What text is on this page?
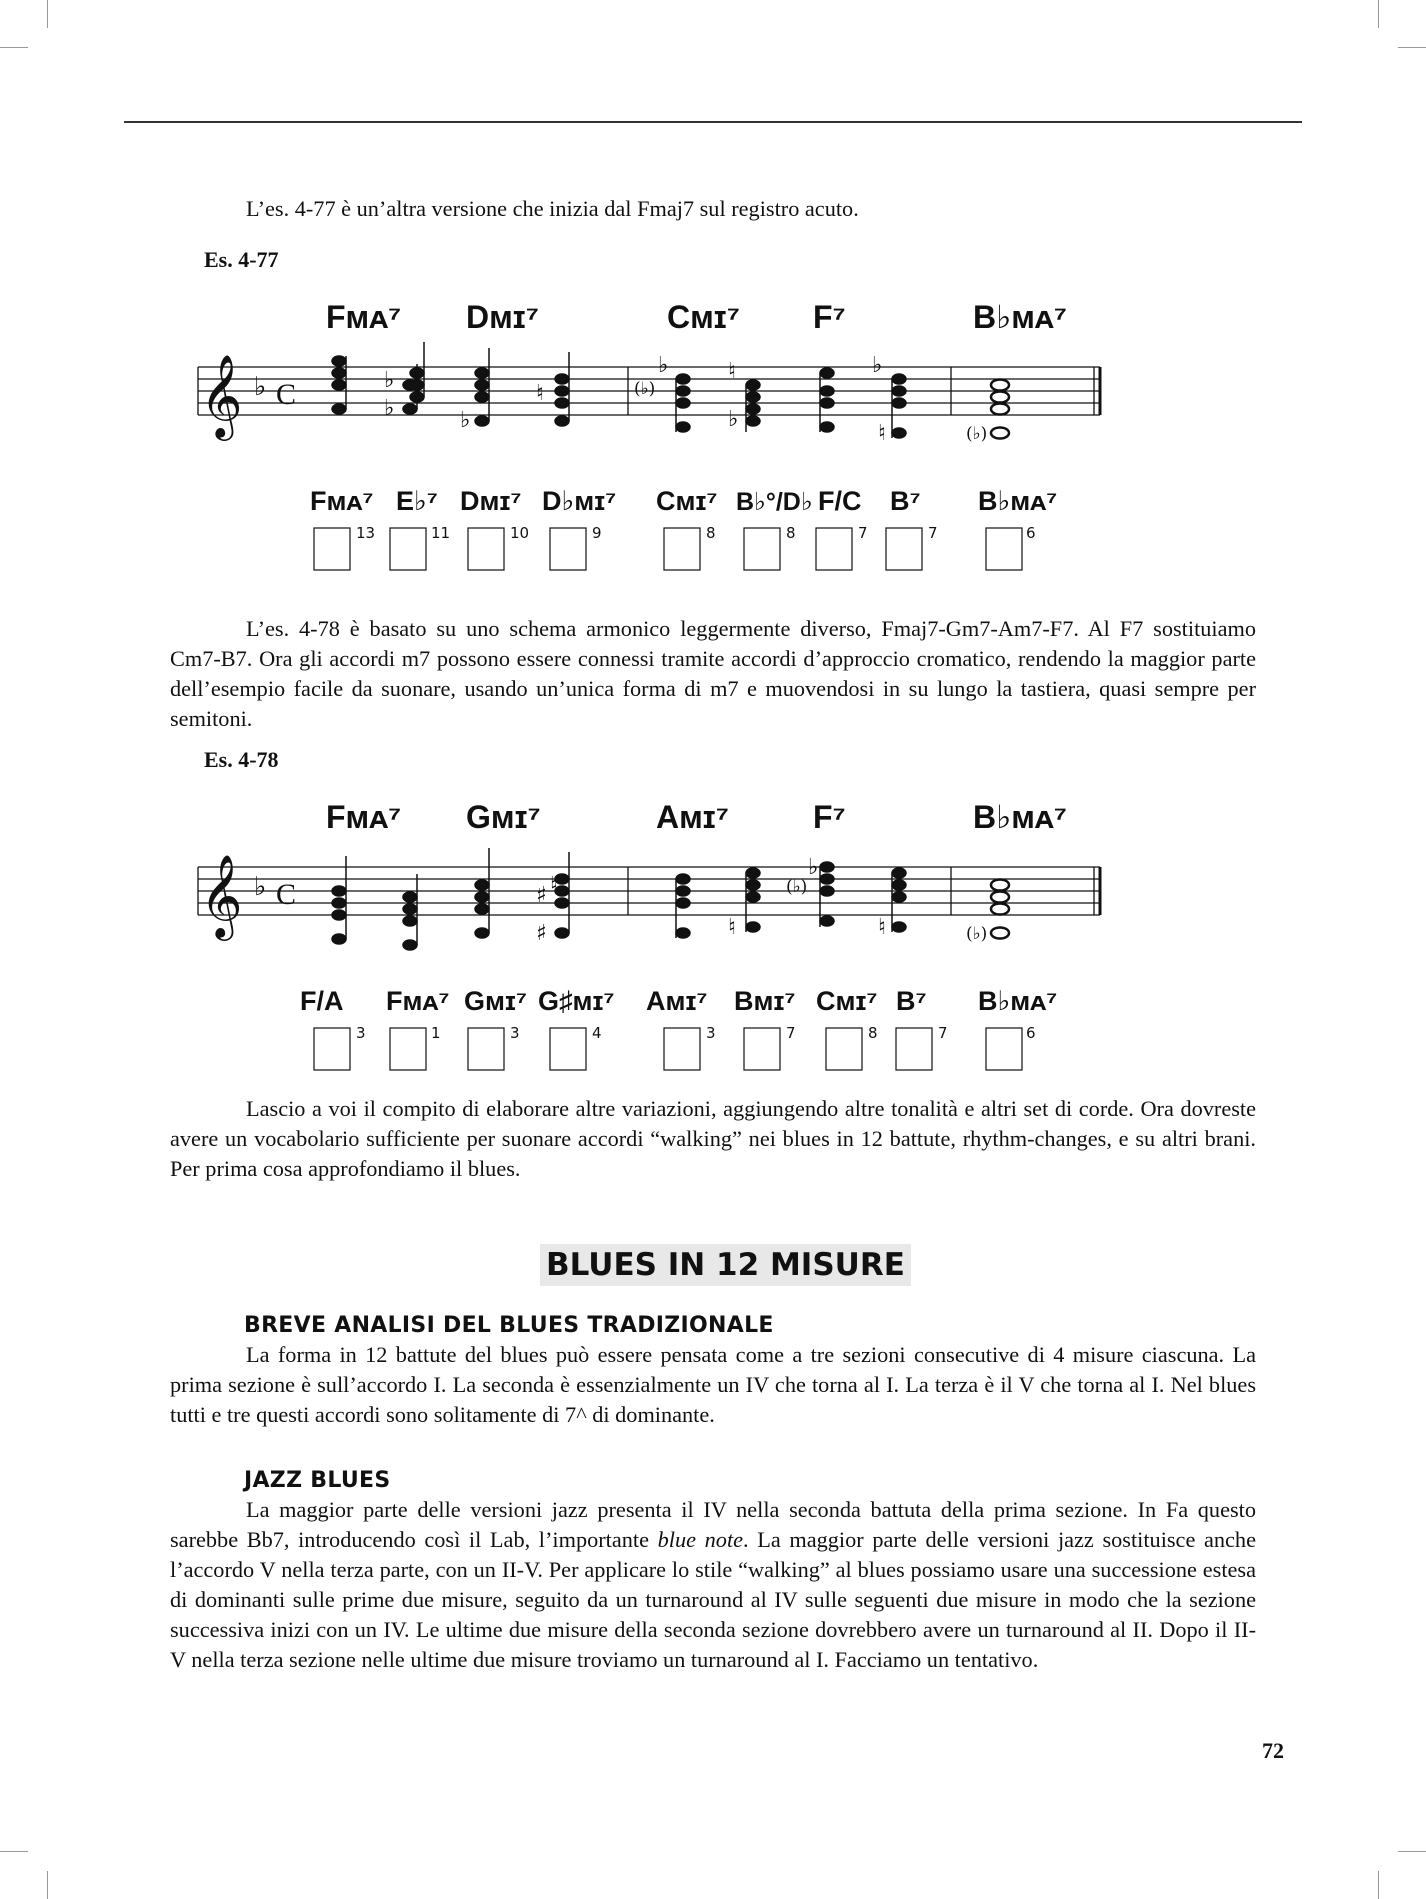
L’es. 4-77 è un’altra versione che inizia dal Fmaj7 sul registro acuto.

Es. 4-77
Fᴍᴀ⁷ Dᴍɪ⁷	Cᴍɪ⁷ F⁷	B♭ᴍᴀ⁷
𝄞 ♭ C	♭
♭	♭
♮
♭	♮
♭
♭
♮
(♭)
(♭)
Fᴍᴀ⁷ E♭⁷ Dᴍɪ⁷ D♭ᴍɪ⁷ Cᴍɪ⁷ B♭°/D♭ F/C B⁷ B♭ᴍᴀ⁷
13	11	10	9	8	8	7	7	6

L’es. 4-78 è basato su uno schema armonico leggermente diverso, Fmaj7-Gm7-Am7-F7. Al F7 sostituiamo Cm7-B7. Ora gli accordi m7 possono essere connessi tramite accordi d’approccio cromatico, rendendo la maggior parte dell’esempio facile da suonare, usando un’unica forma di m7 e muovendosi in su lungo la tastiera, quasi sempre per semitoni.

Es. 4-78
Fᴍᴀ⁷ Gᴍɪ⁷	Aᴍɪ⁷	F⁷	B♭ᴍᴀ⁷
𝄞 ♭ C	♯
♯
♮
♮
♭
♮
(♭)
(♭)
F/A Fᴍᴀ⁷ Gᴍɪ⁷ G♯ᴍɪ⁷ Aᴍɪ⁷ Bᴍɪ⁷ Cᴍɪ⁷ B⁷ B♭ᴍᴀ⁷
3	1	3	4	3	7	8	7	6

Lascio a voi il compito di elaborare altre variazioni, aggiungendo altre tonalità e altri set di corde. Ora dovreste avere un vocabolario sufficiente per suonare accordi “walking” nei blues in 12 battute, rhythm-changes, e su altri brani. Per prima cosa approfondiamo il blues.

BLUES IN 12 MISURE
BREVE ANALISI DEL BLUES TRADIZIONALE

La forma in 12 battute del blues può essere pensata come a tre sezioni consecutive di 4 misure ciascuna. La prima sezione è sull’accordo I. La seconda è essenzialmente un IV che torna al I. La terza è il V che torna al I. Nel blues tutti e tre questi accordi sono solitamente di 7^ di dominante.

JAZZ BLUES

La maggior parte delle versioni jazz presenta il IV nella seconda battuta della prima sezione. In Fa questo sarebbe Bb7, introducendo così il Lab, l’importante blue note. La maggior parte delle versioni jazz sostituisce anche l’accordo V nella terza parte, con un II-V. Per applicare lo stile “walking” al blues possiamo usare una successione estesa di dominanti sulle prime due misure, seguito da un turnaround al IV sulle seguenti due misure in modo che la sezione successiva inizi con un IV. Le ultime due misure della seconda sezione dovrebbero avere un turnaround al II. Dopo il II-V nella terza sezione nelle ultime due misure troviamo un turnaround al I. Facciamo un tentativo.

72
